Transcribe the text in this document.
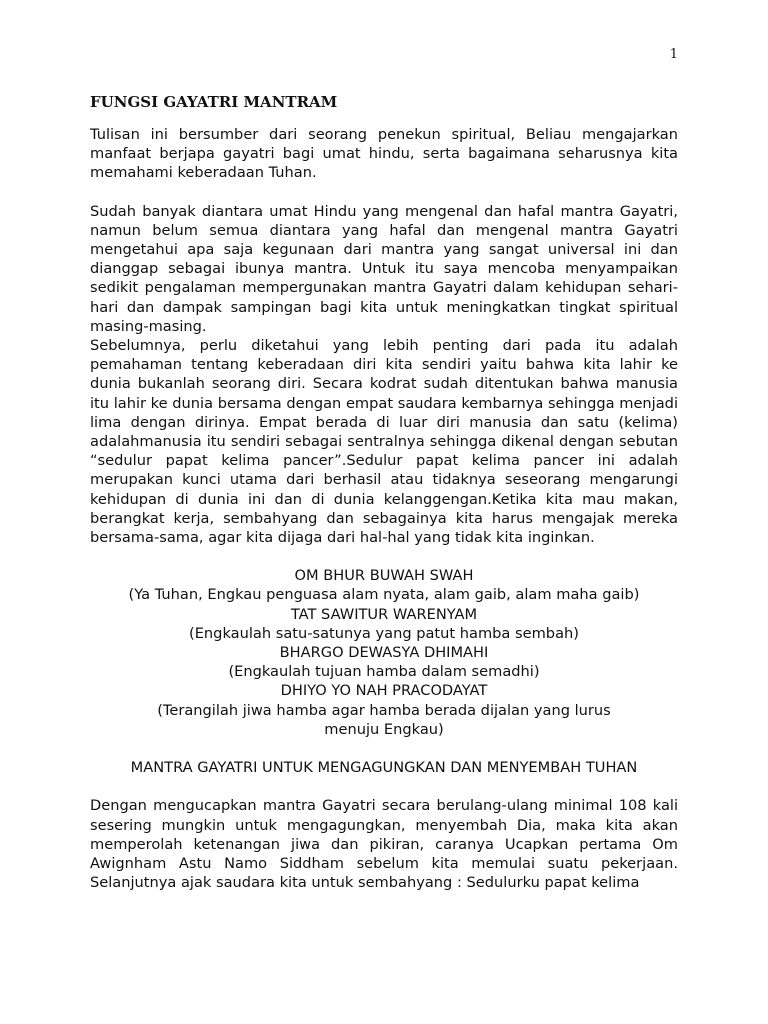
1
FUNGSI GAYATRI MANTRAM

Tulisan ini bersumber dari seorang penekun spiritual, Beliau mengajarkan manfaat berjapa gayatri bagi umat hindu, serta bagaimana seharusnya kita memahami keberadaan Tuhan.

Sudah banyak diantara umat Hindu yang mengenal dan hafal mantra Gayatri, namun belum semua diantara yang hafal dan mengenal mantra Gayatri mengetahui apa saja kegunaan dari mantra yang sangat universal ini dan dianggap sebagai ibunya mantra. Untuk itu saya mencoba menyampaikan sedikit pengalaman mempergunakan mantra Gayatri dalam kehidupan sehari-hari dan dampak sampingan bagi kita untuk meningkatkan tingkat spiritual masing-masing.

Sebelumnya, perlu diketahui yang lebih penting dari pada itu adalah pemahaman tentang keberadaan diri kita sendiri yaitu bahwa kita lahir ke dunia bukanlah seorang diri. Secara kodrat sudah ditentukan bahwa manusia itu lahir ke dunia bersama dengan empat saudara kembarnya sehingga menjadi lima dengan dirinya. Empat berada di luar diri manusia dan satu (kelima) adalahmanusia itu sendiri sebagai sentralnya sehingga dikenal dengan sebutan “sedulur papat kelima pancer”.Sedulur papat kelima pancer ini adalah merupakan kunci utama dari berhasil atau tidaknya seseorang mengarungi kehidupan di dunia ini dan di dunia kelanggengan.Ketika kita mau makan, berangkat kerja, sembahyang dan sebagainya kita harus mengajak mereka bersama-sama, agar kita dijaga dari hal-hal yang tidak kita inginkan.

OM BHUR BUWAH SWAH
(Ya Tuhan, Engkau penguasa alam nyata, alam gaib, alam maha gaib)
TAT SAWITUR WARENYAM
(Engkaulah satu-satunya yang patut hamba sembah)
BHARGO DEWASYA DHIMAHI
(Engkaulah tujuan hamba dalam semadhi)
DHIYO YO NAH PRACODAYAT
(Terangilah jiwa hamba agar hamba berada dijalan yang lurus menuju Engkau)
MANTRA GAYATRI UNTUK MENGAGUNGKAN DAN MENYEMBAH TUHAN

Dengan mengucapkan mantra Gayatri secara berulang-ulang minimal 108 kali sesering mungkin untuk mengagungkan, menyembah Dia, maka kita akan memperolah ketenangan jiwa dan pikiran, caranya Ucapkan pertama Om Awignham Astu Namo Siddham sebelum kita memulai suatu pekerjaan. Selanjutnya ajak saudara kita untuk sembahyang : Sedulurku papat kelima
